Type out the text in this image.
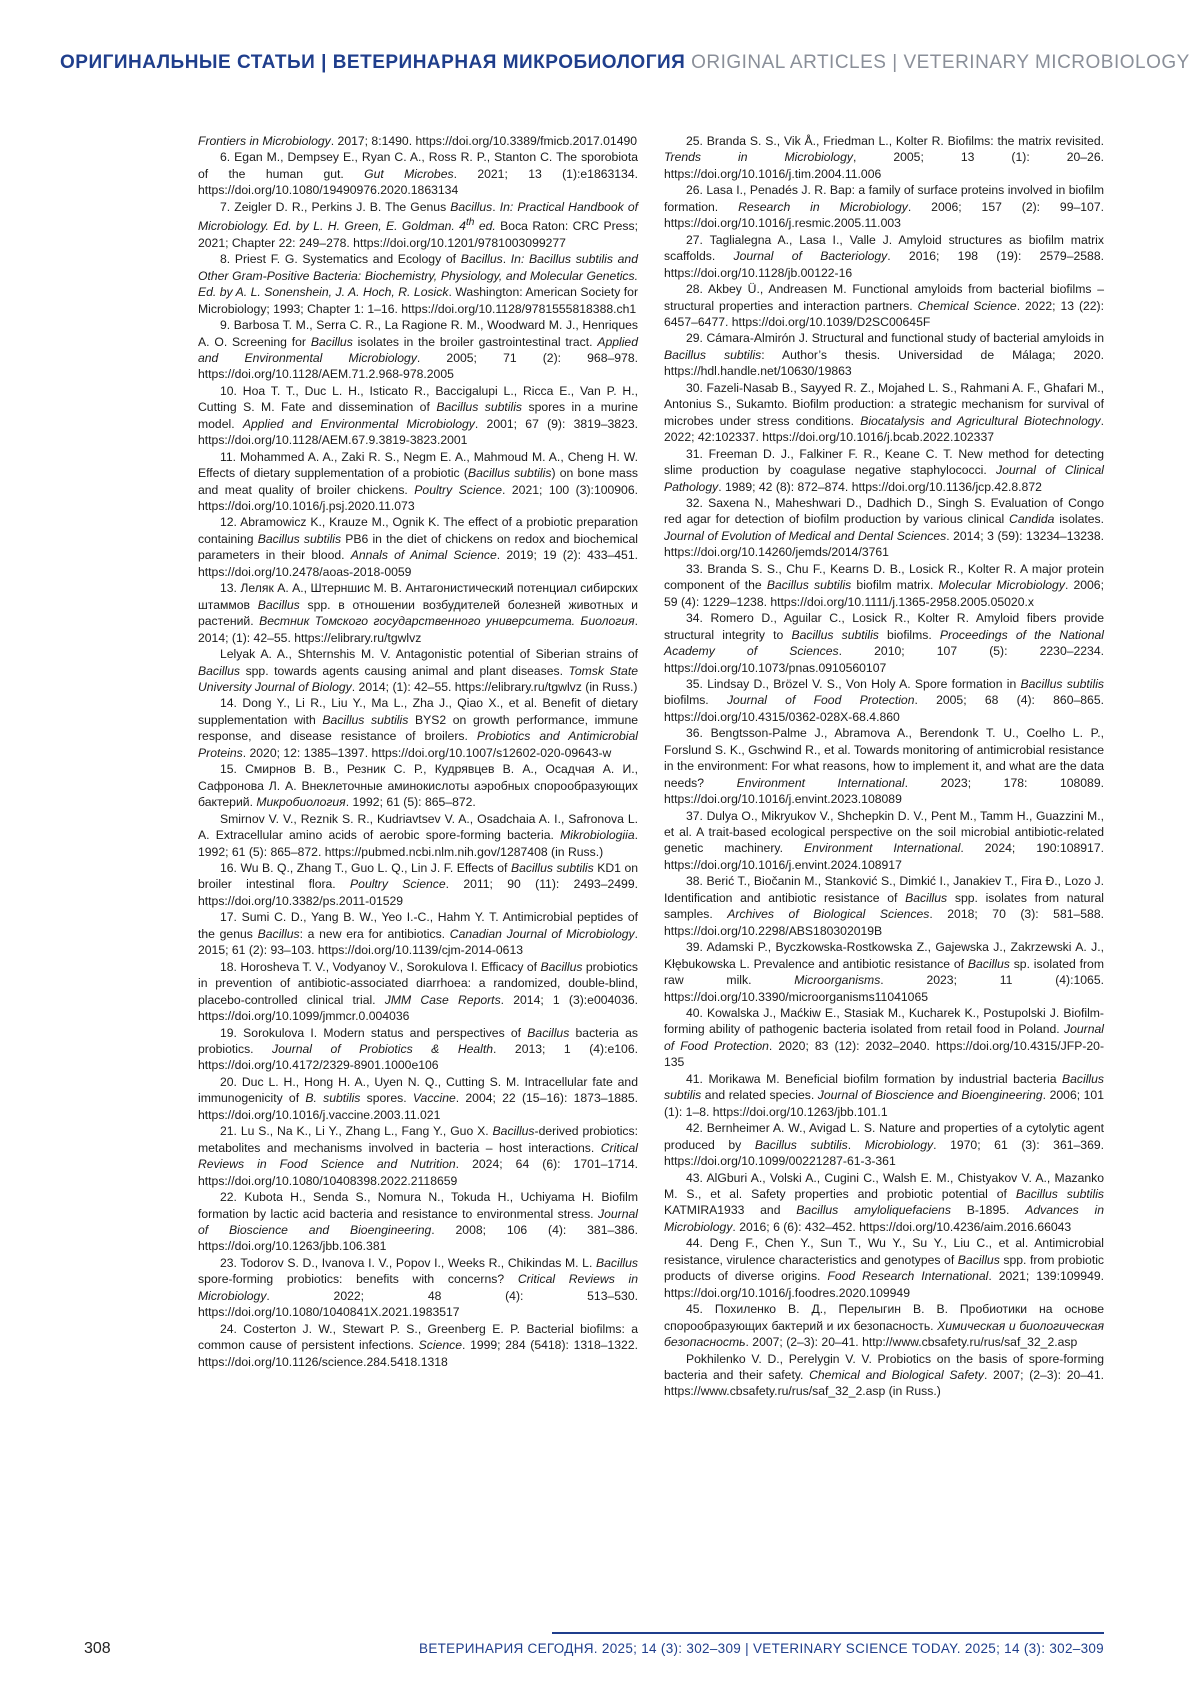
ОРИГИНАЛЬНЫЕ СТАТЬИ | ВЕТЕРИНАРНАЯ МИКРОБИОЛОГИЯ ORIGINAL ARTICLES | VETERINARY MICROBIOLOGY

Frontiers in Microbiology. 2017; 8:1490. https://doi.org/10.3389/fmicb.2017.01490

6. Egan M., Dempsey E., Ryan C. A., Ross R. P., Stanton C. The sporobiota of the human gut. Gut Microbes. 2021; 13 (1):e1863134. https://doi.org/10.1080/19490976.2020.1863134

7. Zeigler D. R., Perkins J. B. The Genus Bacillus. In: Practical Handbook of Microbiology. Ed. by L. H. Green, E. Goldman. 4th ed. Boca Raton: CRC Press; 2021; Chapter 22: 249–278. https://doi.org/10.1201/9781003099277

8. Priest F. G. Systematics and Ecology of Bacillus. In: Bacillus subtilis and Other Gram-Positive Bacteria: Biochemistry, Physiology, and Molecular Genetics. Ed. by A. L. Sonenshein, J. A. Hoch, R. Losick. Washington: American Society for Microbiology; 1993; Chapter 1: 1–16. https://doi.org/10.1128/9781555818388.ch1

9. Barbosa T. M., Serra C. R., La Ragione R. M., Woodward M. J., Henriques A. O. Screening for Bacillus isolates in the broiler gastrointestinal tract. Applied and Environmental Microbiology. 2005; 71 (2): 968–978. https://doi.org/10.1128/AEM.71.2.968-978.2005

10. Hoa T. T., Duc L. H., Isticato R., Baccigalupi L., Ricca E., Van P. H., Cutting S. M. Fate and dissemination of Bacillus subtilis spores in a murine model. Applied and Environmental Microbiology. 2001; 67 (9): 3819–3823. https://doi.org/10.1128/AEM.67.9.3819-3823.2001

11. Mohammed A. A., Zaki R. S., Negm E. A., Mahmoud M. A., Cheng H. W. Effects of dietary supplementation of a probiotic (Bacillus subtilis) on bone mass and meat quality of broiler chickens. Poultry Science. 2021; 100 (3):100906. https://doi.org/10.1016/j.psj.2020.11.073

12. Abramowicz K., Krauze M., Ognik K. The effect of a probiotic preparation containing Bacillus subtilis PB6 in the diet of chickens on redox and biochemical parameters in their blood. Annals of Animal Science. 2019; 19 (2): 433–451. https://doi.org/10.2478/aoas-2018-0059

13. Леляк А. А., Штерншис М. В. Антагонистический потенциал сибирских штаммов Bacillus spp. в отношении возбудителей болезней животных и растений. Вестник Томского государственного университета. Биология. 2014; (1): 42–55. https://elibrary.ru/tgwlvz

Lelyak A. A., Shternshis M. V. Antagonistic potential of Siberian strains of Bacillus spp. towards agents causing animal and plant diseases. Tomsk State University Journal of Biology. 2014; (1): 42–55. https://elibrary.ru/tgwlvz (in Russ.)

14. Dong Y., Li R., Liu Y., Ma L., Zha J., Qiao X., et al. Benefit of dietary supplementation with Bacillus subtilis BYS2 on growth performance, immune response, and disease resistance of broilers. Probiotics and Antimicrobial Proteins. 2020; 12: 1385–1397. https://doi.org/10.1007/s12602-020-09643-w

15. Смирнов В. В., Резник С. Р., Кудрявцев В. А., Осадчая А. И., Сафронова Л. А. Внеклеточные аминокислоты аэробных спорообразующих бактерий. Микробиология. 1992; 61 (5): 865–872.

Smirnov V. V., Reznik S. R., Kudriavtsev V. A., Osadchaia A. I., Safronova L. A. Extracellular amino acids of aerobic spore-forming bacteria. Mikrobiologiia. 1992; 61 (5): 865–872. https://pubmed.ncbi.nlm.nih.gov/1287408 (in Russ.)

16. Wu B. Q., Zhang T., Guo L. Q., Lin J. F. Effects of Bacillus subtilis KD1 on broiler intestinal flora. Poultry Science. 2011; 90 (11): 2493–2499. https://doi.org/10.3382/ps.2011-01529

17. Sumi C. D., Yang B. W., Yeo I.-C., Hahm Y. T. Antimicrobial peptides of the genus Bacillus: a new era for antibiotics. Canadian Journal of Microbiology. 2015; 61 (2): 93–103. https://doi.org/10.1139/cjm-2014-0613

18. Horosheva T. V., Vodyanoy V., Sorokulova I. Efficacy of Bacillus probiotics in prevention of antibiotic-associated diarrhoea: a randomized, double-blind, placebo-controlled clinical trial. JMM Case Reports. 2014; 1 (3):e004036. https://doi.org/10.1099/jmmcr.0.004036

19. Sorokulova I. Modern status and perspectives of Bacillus bacteria as probiotics. Journal of Probiotics & Health. 2013; 1 (4):e106. https://doi.org/10.4172/2329-8901.1000e106

20. Duc L. H., Hong H. A., Uyen N. Q., Cutting S. M. Intracellular fate and immunogenicity of B. subtilis spores. Vaccine. 2004; 22 (15–16): 1873–1885. https://doi.org/10.1016/j.vaccine.2003.11.021

21. Lu S., Na K., Li Y., Zhang L., Fang Y., Guo X. Bacillus-derived probiotics: metabolites and mechanisms involved in bacteria – host interactions. Critical Reviews in Food Science and Nutrition. 2024; 64 (6): 1701–1714. https://doi.org/10.1080/10408398.2022.2118659

22. Kubota H., Senda S., Nomura N., Tokuda H., Uchiyama H. Biofilm formation by lactic acid bacteria and resistance to environmental stress. Journal of Bioscience and Bioengineering. 2008; 106 (4): 381–386. https://doi.org/10.1263/jbb.106.381

23. Todorov S. D., Ivanova I. V., Popov I., Weeks R., Chikindas M. L. Bacillus spore-forming probiotics: benefits with concerns? Critical Reviews in Microbiology. 2022; 48 (4): 513–530. https://doi.org/10.1080/1040841X.2021.1983517

24. Costerton J. W., Stewart P. S., Greenberg E. P. Bacterial biofilms: a common cause of persistent infections. Science. 1999; 284 (5418): 1318–1322. https://doi.org/10.1126/science.284.5418.1318

25. Branda S. S., Vik Å., Friedman L., Kolter R. Biofilms: the matrix revisited. Trends in Microbiology, 2005; 13 (1): 20–26. https://doi.org/10.1016/j.tim.2004.11.006

26. Lasa I., Penadés J. R. Bap: a family of surface proteins involved in biofilm formation. Research in Microbiology. 2006; 157 (2): 99–107. https://doi.org/10.1016/j.resmic.2005.11.003

27. Taglialegna A., Lasa I., Valle J. Amyloid structures as biofilm matrix scaffolds. Journal of Bacteriology. 2016; 198 (19): 2579–2588. https://doi.org/10.1128/jb.00122-16

28. Akbey Ü., Andreasen M. Functional amyloids from bacterial biofilms – structural properties and interaction partners. Chemical Science. 2022; 13 (22): 6457–6477. https://doi.org/10.1039/D2SC00645F

29. Cámara-Almirón J. Structural and functional study of bacterial amyloids in Bacillus subtilis: Author’s thesis. Universidad de Málaga; 2020. https://hdl.handle.net/10630/19863

30. Fazeli-Nasab B., Sayyed R. Z., Mojahed L. S., Rahmani A. F., Ghafari M., Antonius S., Sukamto. Biofilm production: a strategic mechanism for survival of microbes under stress conditions. Biocatalysis and Agricultural Biotechnology. 2022; 42:102337. https://doi.org/10.1016/j.bcab.2022.102337

31. Freeman D. J., Falkiner F. R., Keane C. T. New method for detecting slime production by coagulase negative staphylococci. Journal of Clinical Pathology. 1989; 42 (8): 872–874. https://doi.org/10.1136/jcp.42.8.872

32. Saxena N., Maheshwari D., Dadhich D., Singh S. Evaluation of Congo red agar for detection of biofilm production by various clinical Candida isolates. Journal of Evolution of Medical and Dental Sciences. 2014; 3 (59): 13234–13238. https://doi.org/10.14260/jemds/2014/3761

33. Branda S. S., Chu F., Kearns D. B., Losick R., Kolter R. A major protein component of the Bacillus subtilis biofilm matrix. Molecular Microbiology. 2006; 59 (4): 1229–1238. https://doi.org/10.1111/j.1365-2958.2005.05020.x

34. Romero D., Aguilar C., Losick R., Kolter R. Amyloid fibers provide structural integrity to Bacillus subtilis biofilms. Proceedings of the National Academy of Sciences. 2010; 107 (5): 2230–2234. https://doi.org/10.1073/pnas.0910560107

35. Lindsay D., Brözel V. S., Von Holy A. Spore formation in Bacillus subtilis biofilms. Journal of Food Protection. 2005; 68 (4): 860–865. https://doi.org/10.4315/0362-028X-68.4.860

36. Bengtsson-Palme J., Abramova A., Berendonk T. U., Coelho L. P., Forslund S. K., Gschwind R., et al. Towards monitoring of antimicrobial resistance in the environment: For what reasons, how to implement it, and what are the data needs? Environment International. 2023; 178: 108089. https://doi.org/10.1016/j.envint.2023.108089

37. Dulya O., Mikryukov V., Shchepkin D. V., Pent M., Tamm H., Guazzini M., et al. A trait-based ecological perspective on the soil microbial antibiotic-related genetic machinery. Environment International. 2024; 190:108917. https://doi.org/10.1016/j.envint.2024.108917

38. Berić T., Biočanin M., Stanković S., Dimkić I., Janakiev T., Fira Đ., Lozo J. Identification and antibiotic resistance of Bacillus spp. isolates from natural samples. Archives of Biological Sciences. 2018; 70 (3): 581–588. https://doi.org/10.2298/ABS180302019B

39. Adamski P., Byczkowska-Rostkowska Z., Gajewska J., Zakrzewski A. J., Kłębukowska L. Prevalence and antibiotic resistance of Bacillus sp. isolated from raw milk. Microorganisms. 2023; 11 (4):1065. https://doi.org/10.3390/microorganisms11041065

40. Kowalska J., Maćkiw E., Stasiak M., Kucharek K., Postupolski J. Biofilm-forming ability of pathogenic bacteria isolated from retail food in Poland. Journal of Food Protection. 2020; 83 (12): 2032–2040. https://doi.org/10.4315/JFP-20-135

41. Morikawa M. Beneficial biofilm formation by industrial bacteria Bacillus subtilis and related species. Journal of Bioscience and Bioengineering. 2006; 101 (1): 1–8. https://doi.org/10.1263/jbb.101.1

42. Bernheimer A. W., Avigad L. S. Nature and properties of a cytolytic agent produced by Bacillus subtilis. Microbiology. 1970; 61 (3): 361–369. https://doi.org/10.1099/00221287-61-3-361

43. AlGburi A., Volski A., Cugini C., Walsh E. M., Chistyakov V. A., Mazanko M. S., et al. Safety properties and probiotic potential of Bacillus subtilis KATMIRA1933 and Bacillus amyloliquefaciens B-1895. Advances in Microbiology. 2016; 6 (6): 432–452. https://doi.org/10.4236/aim.2016.66043

44. Deng F., Chen Y., Sun T., Wu Y., Su Y., Liu C., et al. Antimicrobial resistance, virulence characteristics and genotypes of Bacillus spp. from probiotic products of diverse origins. Food Research International. 2021; 139:109949. https://doi.org/10.1016/j.foodres.2020.109949

45. Похиленко В. Д., Перелыгин В. В. Пробиотики на основе спорообразующих бактерий и их безопасность. Химическая и биологическая безопасность. 2007; (2–3): 20–41. http://www.cbsafety.ru/rus/saf_32_2.asp

Pokhilenko V. D., Perelygin V. V. Probiotics on the basis of spore-forming bacteria and their safety. Chemical and Biological Safety. 2007; (2–3): 20–41. https://www.cbsafety.ru/rus/saf_32_2.asp (in Russ.)

308	ВЕТЕРИНАРИЯ СЕГОДНЯ. 2025; 14 (3): 302–309 | VETERINARY SCIENCE TODAY. 2025; 14 (3): 302–309
